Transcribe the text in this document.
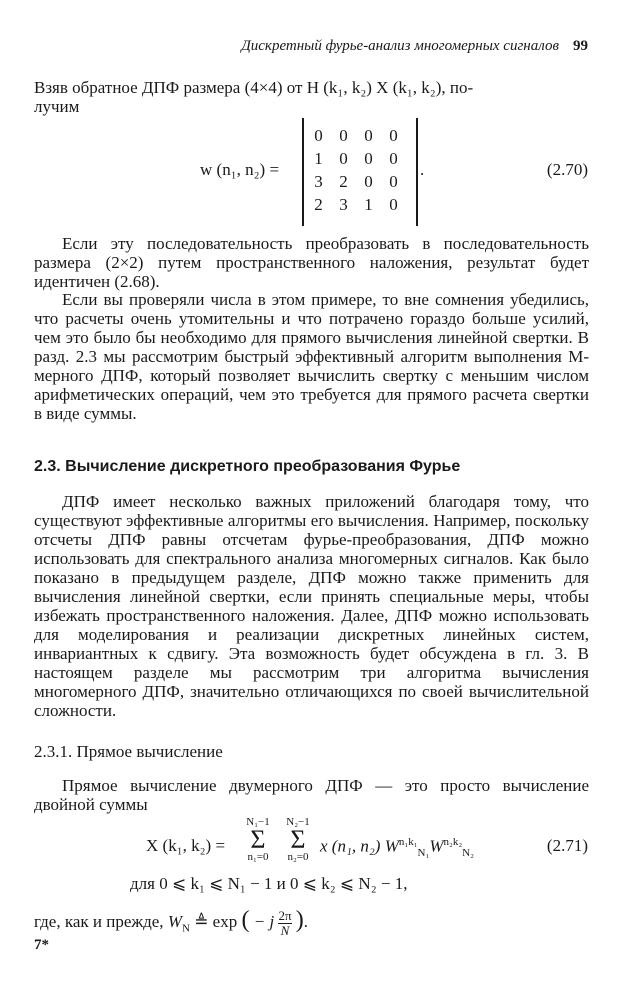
Дискретный фурье-анализ многомерных сигналов 99
Взяв обратное ДПФ размера (4×4) от H (k₁, k₂) X (k₁, k₂), по-
лучим
w (n₁, n₂) =
0	0	0	0
1	0	0	0
3	2	0	0
2	3	1	0
.	(2.70)
Если эту последовательность преобразовать в последовательность размера (2×2) путем пространственного наложения, результат будет идентичен (2.68).
Если вы проверяли числа в этом примере, то вне сомнения убедились, что расчеты очень утомительны и что потрачено гораздо больше усилий, чем это было бы необходимо для прямого вычисления линейной свертки. В разд. 2.3 мы рассмотрим быстрый эффективный алгоритм выполнения M-мерного ДПФ, который позволяет вычислить свертку с меньшим числом арифметических операций, чем это требуется для прямого расчета свертки в виде суммы.
2.3. Вычисление дискретного преобразования Фурье
ДПФ имеет несколько важных приложений благодаря тому, что существуют эффективные алгоритмы его вычисления. Например, поскольку отсчеты ДПФ равны отсчетам фурье-преобразования, ДПФ можно использовать для спектрального анализа многомерных сигналов. Как было показано в предыдущем разделе, ДПФ можно также применить для вычисления линейной свертки, если принять специальные меры, чтобы избежать пространственного наложения. Далее, ДПФ можно использовать для моделирования и реализации дискретных линейных систем, инвариантных к сдвигу. Эта возможность будет обсуждена в гл. 3. В настоящем разделе мы рассмотрим три алгоритма вычисления многомерного ДПФ, значительно отличающихся по своей вычислительной сложности.
2.3.1. Прямое вычисление
Прямое вычисление двумерного ДПФ — это просто вычисление двойной суммы
X (k₁, k₂) =
N₁−1
Σ
n₁=0
N₂−1
Σ
n₂=0
x (n₁, n₂) $W^{n_1k_1}_{N_1}W^{n_2k_2}_{N_2}$	(2.71)
для 0 ⩽ k₁ ⩽ N₁ − 1 и 0 ⩽ k₂ ⩽ N₂ − 1,
где, как и прежде, $W_N$ ≜ exp ( − j $\frac{2\pi}{N}$ ).
7*
